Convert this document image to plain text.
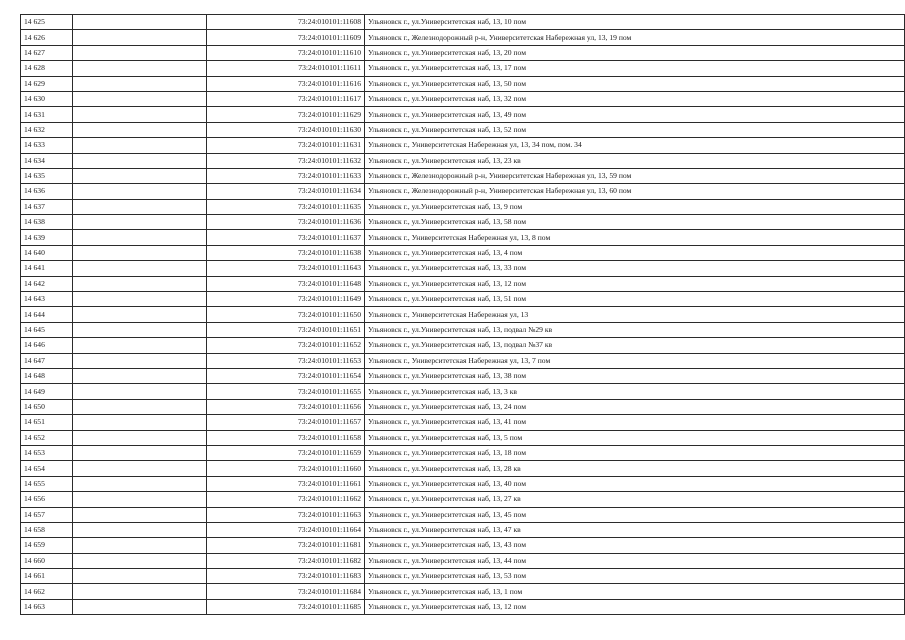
14 625		73:24:010101:11608	Ульяновск г., ул.Университетская наб, 13, 10 пом
14 626		73:24:010101:11609	Ульяновск г., Железнодорожный р-н, Университетская Набережная ул, 13, 19 пом
14 627		73:24:010101:11610	Ульяновск г., ул.Университетская наб, 13, 20 пом
14 628		73:24:010101:11611	Ульяновск г., ул.Университетская наб, 13, 17 пом
14 629		73:24:010101:11616	Ульяновск г., ул.Университетская наб, 13, 50 пом
14 630		73:24:010101:11617	Ульяновск г., ул.Университетская наб, 13, 32 пом
14 631		73:24:010101:11629	Ульяновск г., ул.Университетская наб, 13, 49 пом
14 632		73:24:010101:11630	Ульяновск г., ул.Университетская наб, 13, 52 пом
14 633		73:24:010101:11631	Ульяновск г., Университетская Набережная ул, 13, 34 пом, пом. 34
14 634		73:24:010101:11632	Ульяновск г., ул.Университетская наб, 13, 23 кв
14 635		73:24:010101:11633	Ульяновск г., Железнодорожный р-н, Университетская Набережная ул, 13, 59 пом
14 636		73:24:010101:11634	Ульяновск г., Железнодорожный р-н, Университетская Набережная ул, 13, 60 пом
14 637		73:24:010101:11635	Ульяновск г., ул.Университетская наб, 13, 9 пом
14 638		73:24:010101:11636	Ульяновск г., ул.Университетская наб, 13, 58 пом
14 639		73:24:010101:11637	Ульяновск г., Университетская Набережная ул, 13, 8 пом
14 640		73:24:010101:11638	Ульяновск г., ул.Университетская наб, 13, 4 пом
14 641		73:24:010101:11643	Ульяновск г., ул.Университетская наб, 13, 33 пом
14 642		73:24:010101:11648	Ульяновск г., ул.Университетская наб, 13, 12 пом
14 643		73:24:010101:11649	Ульяновск г., ул.Университетская наб, 13, 51 пом
14 644		73:24:010101:11650	Ульяновск г., Университетская Набережная ул, 13
14 645		73:24:010101:11651	Ульяновск г., ул.Университетская наб, 13, подвал №29 кв
14 646		73:24:010101:11652	Ульяновск г., ул.Университетская наб, 13, подвал №37 кв
14 647		73:24:010101:11653	Ульяновск г., Университетская Набережная ул, 13, 7 пом
14 648		73:24:010101:11654	Ульяновск г., ул.Университетская наб, 13, 38 пом
14 649		73:24:010101:11655	Ульяновск г., ул.Университетская наб, 13, 3 кв
14 650		73:24:010101:11656	Ульяновск г., ул.Университетская наб, 13, 24 пом
14 651		73:24:010101:11657	Ульяновск г., ул.Университетская наб, 13, 41 пом
14 652		73:24:010101:11658	Ульяновск г., ул.Университетская наб, 13, 5 пом
14 653		73:24:010101:11659	Ульяновск г., ул.Университетская наб, 13, 18 пом
14 654		73:24:010101:11660	Ульяновск г., ул.Университетская наб, 13, 28 кв
14 655		73:24:010101:11661	Ульяновск г., ул.Университетская наб, 13, 40 пом
14 656		73:24:010101:11662	Ульяновск г., ул.Университетская наб, 13, 27 кв
14 657		73:24:010101:11663	Ульяновск г., ул.Университетская наб, 13, 45 пом
14 658		73:24:010101:11664	Ульяновск г., ул.Университетская наб, 13, 47 кв
14 659		73:24:010101:11681	Ульяновск г., ул.Университетская наб, 13, 43 пом
14 660		73:24:010101:11682	Ульяновск г., ул.Университетская наб, 13, 44 пом
14 661		73:24:010101:11683	Ульяновск г., ул.Университетская наб, 13, 53 пом
14 662		73:24:010101:11684	Ульяновск г., ул.Университетская наб, 13, 1 пом
14 663		73:24:010101:11685	Ульяновск г., ул.Университетская наб, 13, 12 пом
